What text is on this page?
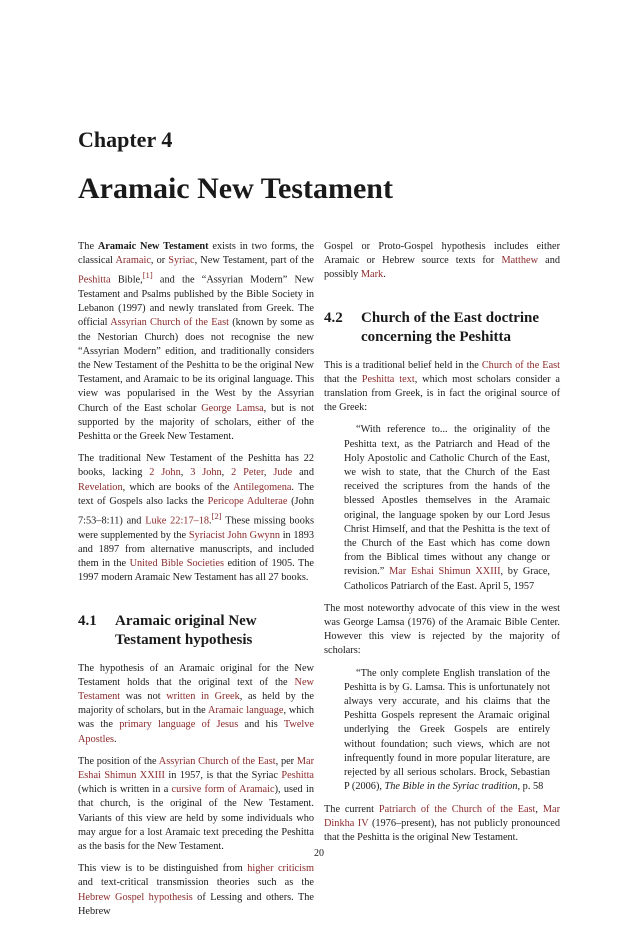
Chapter 4
Aramaic New Testament

The Aramaic New Testament exists in two forms, the classical Aramaic, or Syriac, New Testament, part of the Peshitta Bible,[1] and the “Assyrian Modern” New Testament and Psalms published by the Bible Society in Lebanon (1997) and newly translated from Greek. The official Assyrian Church of the East (known by some as the Nestorian Church) does not recognise the new “Assyrian Modern” edition, and traditionally considers the New Testament of the Peshitta to be the original New Testament, and Aramaic to be its original language. This view was popularised in the West by the Assyrian Church of the East scholar George Lamsa, but is not supported by the majority of scholars, either of the Peshitta or the Greek New Testament.

The traditional New Testament of the Peshitta has 22 books, lacking 2 John, 3 John, 2 Peter, Jude and Revelation, which are books of the Antilegomena. The text of Gospels also lacks the Pericope Adulterae (John 7:53–8:11) and Luke 22:17–18.[2] These missing books were supplemented by the Syriacist John Gwynn in 1893 and 1897 from alternative manuscripts, and included them in the United Bible Societies edition of 1905. The 1997 modern Aramaic New Testament has all 27 books.

4.1	Aramaic original New Testament hypothesis

The hypothesis of an Aramaic original for the New Testament holds that the original text of the New Testament was not written in Greek, as held by the majority of scholars, but in the Aramaic language, which was the primary language of Jesus and his Twelve Apostles.

The position of the Assyrian Church of the East, per Mar Eshai Shimun XXIII in 1957, is that the Syriac Peshitta (which is written in a cursive form of Aramaic), used in that church, is the original of the New Testament. Variants of this view are held by some individuals who may argue for a lost Aramaic text preceding the Peshitta as the basis for the New Testament.

This view is to be distinguished from higher criticism and text-critical transmission theories such as the Hebrew Gospel hypothesis of Lessing and others. The Hebrew

Gospel or Proto-Gospel hypothesis includes either Aramaic or Hebrew source texts for Matthew and possibly Mark.

4.2	Church of the East doctrine concerning the Peshitta

This is a traditional belief held in the Church of the East that the Peshitta text, which most scholars consider a translation from Greek, is in fact the original source of the Greek:

“With reference to... the originality of the Peshitta text, as the Patriarch and Head of the Holy Apostolic and Catholic Church of the East, we wish to state, that the Church of the East received the scriptures from the hands of the blessed Apostles themselves in the Aramaic original, the language spoken by our Lord Jesus Christ Himself, and that the Peshitta is the text of the Church of the East which has come down from the Biblical times without any change or revision.” Mar Eshai Shimun XXIII, by Grace, Catholicos Patriarch of the East. April 5, 1957

The most noteworthy advocate of this view in the west was George Lamsa (1976) of the Aramaic Bible Center. However this view is rejected by the majority of scholars:

“The only complete English translation of the Peshitta is by G. Lamsa. This is unfortunately not always very accurate, and his claims that the Peshitta Gospels represent the Aramaic original underlying the Greek Gospels are entirely without foundation; such views, which are not infrequently found in more popular literature, are rejected by all serious scholars. Brock, Sebastian P (2006), The Bible in the Syriac tradition, p. 58

The current Patriarch of the Church of the East, Mar Dinkha IV (1976–present), has not publicly pronounced that the Peshitta is the original New Testament.

20
